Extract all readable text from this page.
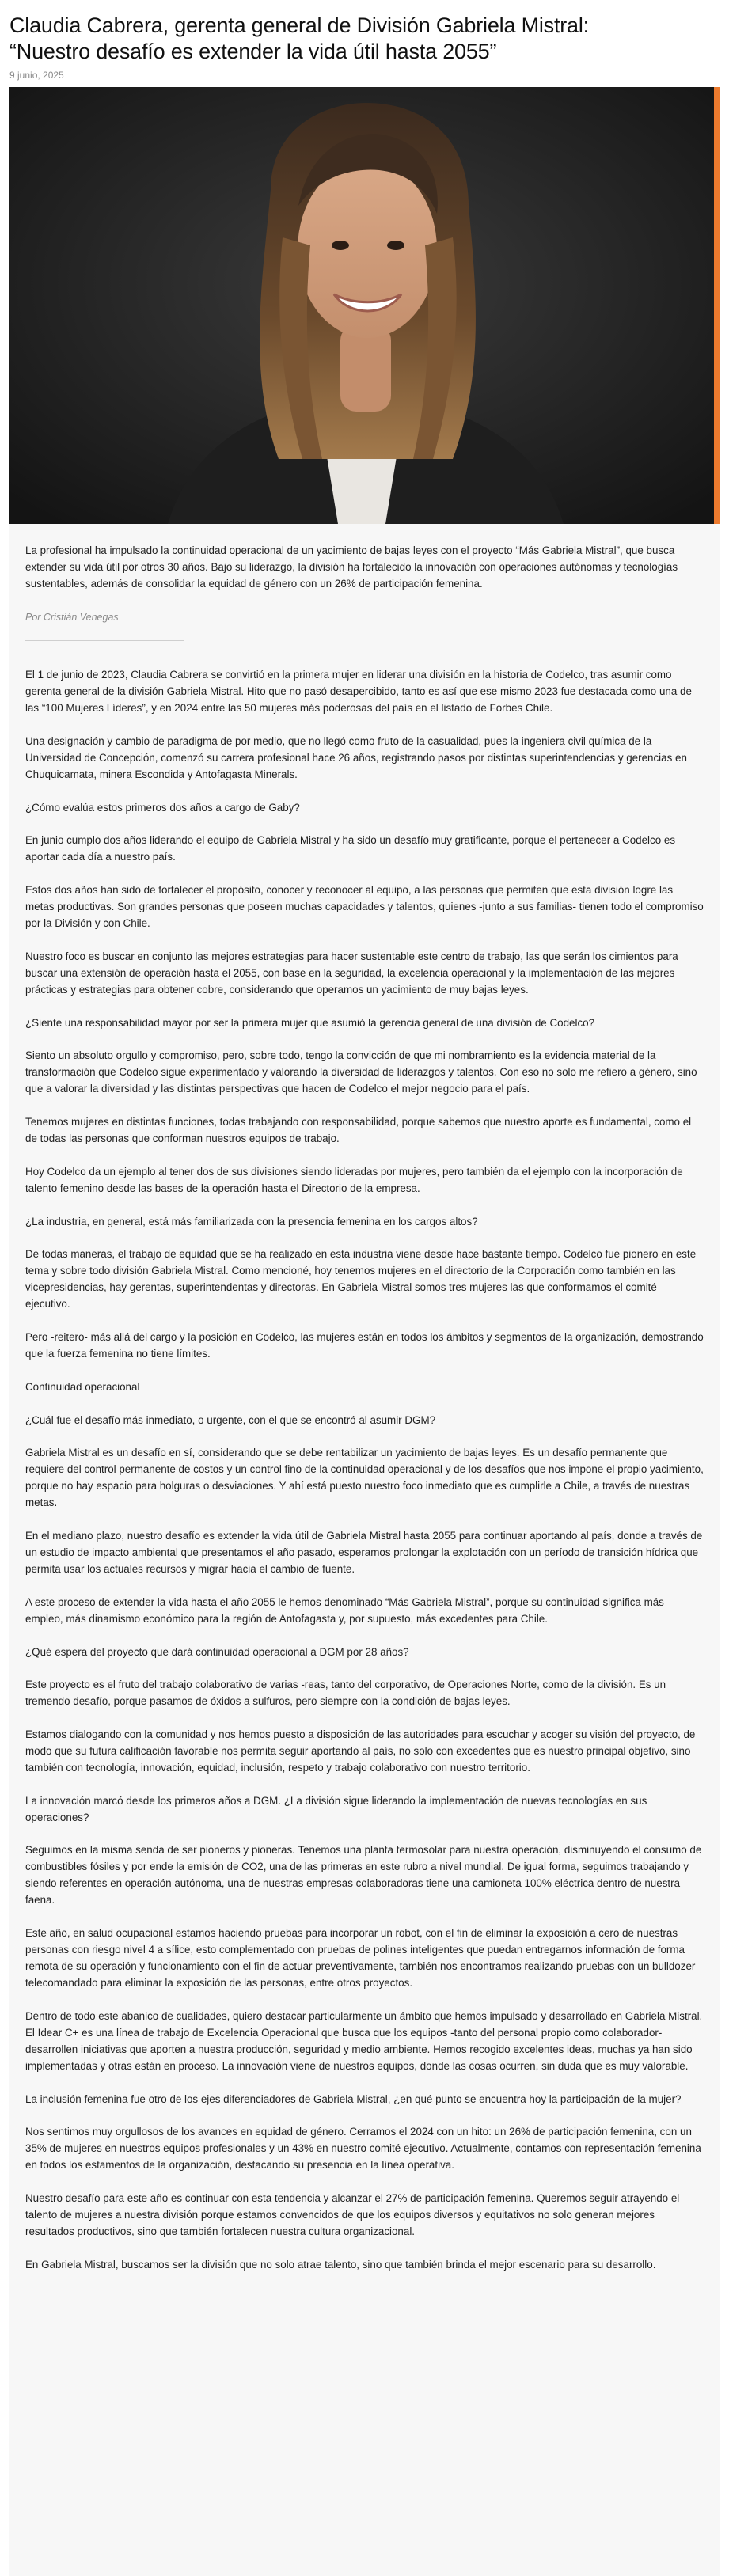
Claudia Cabrera, gerenta general de División Gabriela Mistral:
“Nuestro desafío es extender la vida útil hasta 2055”
9 junio, 2025

La profesional ha impulsado la continuidad operacional de un yacimiento de bajas leyes con el proyecto “Más Gabriela Mistral”, que busca extender su vida útil por otros 30 años. Bajo su liderazgo, la división ha fortalecido la innovación con operaciones autónomas y tecnologías sustentables, además de consolidar la equidad de género con un 26% de participación femenina.

Por Cristián Venegas

El 1 de junio de 2023, Claudia Cabrera se convirtió en la primera mujer en liderar una división en la historia de Codelco, tras asumir como gerenta general de la división Gabriela Mistral. Hito que no pasó desapercibido, tanto es así que ese mismo 2023 fue destacada como una de las “100 Mujeres Líderes”, y en 2024 entre las 50 mujeres más poderosas del país en el listado de Forbes Chile.

Una designación y cambio de paradigma de por medio, que no llegó como fruto de la casualidad, pues la ingeniera civil química de la Universidad de Concepción, comenzó su carrera profesional hace 26 años, registrando pasos por distintas superintendencias y gerencias en Chuquicamata, minera Escondida y Antofagasta Minerals.

¿Cómo evalúa estos primeros dos años a cargo de Gaby?

En junio cumplo dos años liderando el equipo de Gabriela Mistral y ha sido un desafío muy gratificante, porque el pertenecer a Codelco es aportar cada día a nuestro país.

Estos dos años han sido de fortalecer el propósito, conocer y reconocer al equipo, a las personas que permiten que esta división logre las metas productivas. Son grandes personas que poseen muchas capacidades y talentos, quienes -junto a sus familias- tienen todo el compromiso por la División y con Chile.

Nuestro foco es buscar en conjunto las mejores estrategias para hacer sustentable este centro de trabajo, las que serán los cimientos para buscar una extensión de operación hasta el 2055, con base en la seguridad, la excelencia operacional y la implementación de las mejores prácticas y estrategias para obtener cobre, considerando que operamos un yacimiento de muy bajas leyes.

¿Siente una responsabilidad mayor por ser la primera mujer que asumió la gerencia general de una división de Codelco?

Siento un absoluto orgullo y compromiso, pero, sobre todo, tengo la convicción de que mi nombramiento es la evidencia material de la transformación que Codelco sigue experimentado y valorando la diversidad de liderazgos y talentos. Con eso no solo me refiero a género, sino que a valorar la diversidad y las distintas perspectivas que hacen de Codelco el mejor negocio para el país.

Tenemos mujeres en distintas funciones, todas trabajando con responsabilidad, porque sabemos que nuestro aporte es fundamental, como el de todas las personas que conforman nuestros equipos de trabajo.

Hoy Codelco da un ejemplo al tener dos de sus divisiones siendo lideradas por mujeres, pero también da el ejemplo con la incorporación de talento femenino desde las bases de la operación hasta el Directorio de la empresa.

¿La industria, en general, está más familiarizada con la presencia femenina en los cargos altos?

De todas maneras, el trabajo de equidad que se ha realizado en esta industria viene desde hace bastante tiempo. Codelco fue pionero en este tema y sobre todo división Gabriela Mistral. Como mencioné, hoy tenemos mujeres en el directorio de la Corporación como también en las vicepresidencias, hay gerentas, superintendentas y directoras. En Gabriela Mistral somos tres mujeres las que conformamos el comité ejecutivo.

Pero -reitero- más allá del cargo y la posición en Codelco, las mujeres están en todos los ámbitos y segmentos de la organización, demostrando que la fuerza femenina no tiene límites.

Continuidad operacional

¿Cuál fue el desafío más inmediato, o urgente, con el que se encontró al asumir DGM?

Gabriela Mistral es un desafío en sí, considerando que se debe rentabilizar un yacimiento de bajas leyes. Es un desafío permanente que requiere del control permanente de costos y un control fino de la continuidad operacional y de los desafíos que nos impone el propio yacimiento, porque no hay espacio para holguras o desviaciones. Y ahí está puesto nuestro foco inmediato que es cumplirle a Chile, a través de nuestras metas.

En el mediano plazo, nuestro desafío es extender la vida útil de Gabriela Mistral hasta 2055 para continuar aportando al país, donde a través de un estudio de impacto ambiental que presentamos el año pasado, esperamos prolongar la explotación con un período de transición hídrica que permita usar los actuales recursos y migrar hacia el cambio de fuente.

A este proceso de extender la vida hasta el año 2055 le hemos denominado “Más Gabriela Mistral”, porque su continuidad significa más empleo, más dinamismo económico para la región de Antofagasta y, por supuesto, más excedentes para Chile.

¿Qué espera del proyecto que dará continuidad operacional a DGM por 28 años?

Este proyecto es el fruto del trabajo colaborativo de varias -reas, tanto del corporativo, de Operaciones Norte, como de la división. Es un tremendo desafío, porque pasamos de óxidos a sulfuros, pero siempre con la condición de bajas leyes.

Estamos dialogando con la comunidad y nos hemos puesto a disposición de las autoridades para escuchar y acoger su visión del proyecto, de modo que su futura calificación favorable nos permita seguir aportando al país, no solo con excedentes que es nuestro principal objetivo, sino también con tecnología, innovación, equidad, inclusión, respeto y trabajo colaborativo con nuestro territorio.

La innovación marcó desde los primeros años a DGM. ¿La división sigue liderando la implementación de nuevas tecnologías en sus operaciones?

Seguimos en la misma senda de ser pioneros y pioneras. Tenemos una planta termosolar para nuestra operación, disminuyendo el consumo de combustibles fósiles y por ende la emisión de CO2, una de las primeras en este rubro a nivel mundial. De igual forma, seguimos trabajando y siendo referentes en operación autónoma, una de nuestras empresas colaboradoras tiene una camioneta 100% eléctrica dentro de nuestra faena.

Este año, en salud ocupacional estamos haciendo pruebas para incorporar un robot, con el fin de eliminar la exposición a cero de nuestras personas con riesgo nivel 4 a sílice, esto complementado con pruebas de polines inteligentes que puedan entregarnos información de forma remota de su operación y funcionamiento con el fin de actuar preventivamente, también nos encontramos realizando pruebas con un bulldozer telecomandado para eliminar la exposición de las personas, entre otros proyectos.

Dentro de todo este abanico de cualidades, quiero destacar particularmente un ámbito que hemos impulsado y desarrollado en Gabriela Mistral. El Idear C+ es una línea de trabajo de Excelencia Operacional que busca que los equipos -tanto del personal propio como colaborador- desarrollen iniciativas que aporten a nuestra producción, seguridad y medio ambiente. Hemos recogido excelentes ideas, muchas ya han sido implementadas y otras están en proceso. La innovación viene de nuestros equipos, donde las cosas ocurren, sin duda que es muy valorable.

La inclusión femenina fue otro de los ejes diferenciadores de Gabriela Mistral, ¿en qué punto se encuentra hoy la participación de la mujer?

Nos sentimos muy orgullosos de los avances en equidad de género. Cerramos el 2024 con un hito: un 26% de participación femenina, con un 35% de mujeres en nuestros equipos profesionales y un 43% en nuestro comité ejecutivo. Actualmente, contamos con representación femenina en todos los estamentos de la organización, destacando su presencia en la línea operativa.

Nuestro desafío para este año es continuar con esta tendencia y alcanzar el 27% de participación femenina. Queremos seguir atrayendo el talento de mujeres a nuestra división porque estamos convencidos de que los equipos diversos y equitativos no solo generan mejores resultados productivos, sino que también fortalecen nuestra cultura organizacional.

En Gabriela Mistral, buscamos ser la división que no solo atrae talento, sino que también brinda el mejor escenario para su desarrollo.
